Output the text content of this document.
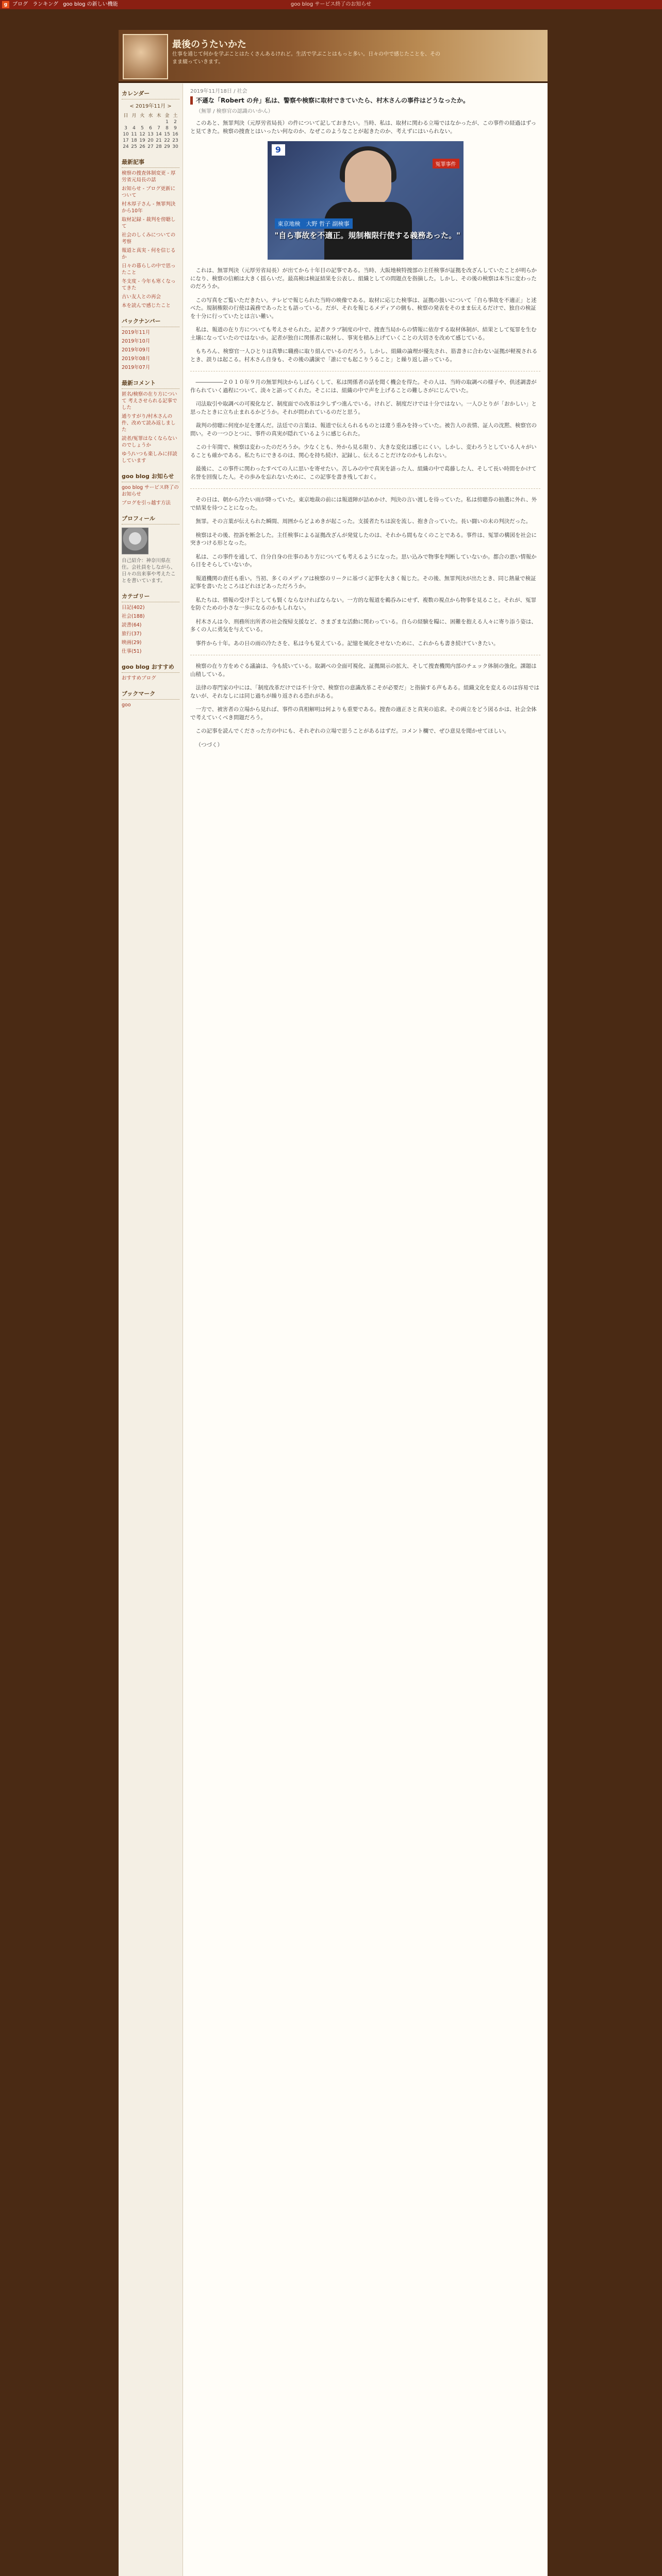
g ブログ ランキング goo blog の新しい機能	goo blog サービス終了のお知らせ
最後のうたいかた
仕事を通じて何かを学ぶことはたくさんあるけれど。生活で学ぶことはもっと多い。日々の中で感じたことを、そのまま綴っていきます。
カレンダー
< 2019年11月 >
日	月	火	水	木	金	土
					1	2
3	4	5	6	7	8	9
10	11	12	13	14	15	16
17	18	19	20	21	22	23
24	25	26	27	28	29	30
最新記事
検察の捜査体制変更 - 厚労省元局長の話
お知らせ - ブログ更新について
村木厚子さん - 無罪判決から10年
取材記録 - 裁判を傍聴して
社会のしくみについての考察
報道と真実 - 何を信じるか
日々の暮らしの中で思ったこと
冬支度 - 今年も寒くなってきた
古い友人との再会
本を読んで感じたこと
バックナンバー
2019年11月
2019年10月
2019年09月
2019年08月
2019年07月
最新コメント
匿名/検察の在り方について 考えさせられる記事でした
通りすがり/村木さんの件、改めて読み返しました
読者/冤罪はなくならないのでしょうか
ゆう/いつも楽しみに拝読しています
goo blog お知らせ
goo blog サービス終了のお知らせ
ブログを引っ越す方法
プロフィール
自己紹介：神奈川県在住。会社員をしながら、日々の出来事や考えたことを書いています。
カテゴリー
日記(402)
社会(188)
読書(64)
旅行(37)
映画(29)
仕事(51)
goo blog おすすめ
おすすめブログ
ブックマーク
goo
2019年11月18日 / 社会
不遜な「Robert の弁」私は、警察や検察に取材できていたら、村木さんの事件はどうなったか。
（無罪 / 検察官の認識のいかん）

このあと、無罪判決（元厚労省局長）の件について記しておきたい。当時、私は、取材に関わる立場ではなかったが、この事件の経過はずっと見てきた。検察の捜査とはいったい何なのか、なぜこのようなことが起きたのか、考えずにはいられない。

9
冤罪事件
東京地検　大野 哲子 副検事
"自ら事故を不適正。規制権限行使する義務あった。"

これは、無罪判決（元厚労省局長）が出てから十年目の記事である。当時、大阪地検特捜部の主任検事が証拠を改ざんしていたことが明らかになり、検察の信頼は大きく揺らいだ。最高検は検証結果を公表し、組織としての問題点を指摘した。しかし、その後の検察は本当に変わったのだろうか。

この写真をご覧いただきたい。テレビで報じられた当時の映像である。取材に応じた検事は、証拠の扱いについて「自ら事故を不適正」と述べた。規制権限の行使は義務であったとも語っている。だが、それを報じるメディアの側も、検察の発表をそのまま伝えるだけで、独自の検証を十分に行っていたとは言い難い。

私は、報道の在り方についても考えさせられた。記者クラブ制度の中で、捜査当局からの情報に依存する取材体制が、結果として冤罪を生む土壌になっていたのではないか。記者が独自に関係者に取材し、事実を積み上げていくことの大切さを改めて感じている。

もちろん、検察官一人ひとりは真摯に職務に取り組んでいるのだろう。しかし、組織の論理が優先され、筋書きに合わない証拠が軽視されるとき、誤りは起こる。村木さん自身も、その後の講演で「誰にでも起こりうること」と繰り返し語っている。

―――――２０１０年９月の無罪判決からしばらくして、私は関係者の話を聞く機会を得た。その人は、当時の取調べの様子や、供述調書が作られていく過程について、淡々と語ってくれた。そこには、組織の中で声を上げることの難しさがにじんでいた。

司法取引や取調べの可視化など、制度面での改革は少しずつ進んでいる。けれど、制度だけでは十分ではない。一人ひとりが「おかしい」と思ったときに立ち止まれるかどうか。それが問われているのだと思う。

裁判の傍聴に何度か足を運んだ。法廷での言葉は、報道で伝えられるものとは違う重みを持っていた。被告人の表情、証人の沈黙、検察官の問い。その一つひとつに、事件の真実が隠れているように感じられた。

この十年間で、検察は変わったのだろうか。少なくとも、外から見る限り、大きな変化は感じにくい。しかし、変わろうとしている人々がいることも確かである。私たちにできるのは、関心を持ち続け、記録し、伝えることだけなのかもしれない。

最後に、この事件に関わったすべての人に思いを寄せたい。苦しみの中で真実を語った人、組織の中で葛藤した人、そして長い時間をかけて名誉を回復した人。その歩みを忘れないために、この記事を書き残しておく。

その日は、朝から冷たい雨が降っていた。東京地裁の前には報道陣が詰めかけ、判決の言い渡しを待っていた。私は傍聴券の抽選に外れ、外で結果を待つことになった。

無罪。その言葉が伝えられた瞬間、周囲からどよめきが起こった。支援者たちは涙を流し、抱き合っていた。長い闘いの末の判決だった。

検察はその後、控訴を断念した。主任検事による証拠改ざんが発覚したのは、それから間もなくのことである。事件は、冤罪の構図を社会に突きつける形となった。

私は、この事件を通して、自分自身の仕事のあり方についても考えるようになった。思い込みで物事を判断していないか。都合の悪い情報から目をそらしていないか。

報道機関の責任も重い。当初、多くのメディアは検察のリークに基づく記事を大きく報じた。その後、無罪判決が出たとき、同じ熱量で検証記事を書いたところはどれほどあっただろうか。

私たちは、情報の受け手としても賢くならなければならない。一方的な報道を鵜呑みにせず、複数の視点から物事を見ること。それが、冤罪を防ぐための小さな一歩になるのかもしれない。

村木さんは今、刑務所出所者の社会復帰支援など、さまざまな活動に関わっている。自らの経験を糧に、困難を抱える人々に寄り添う姿は、多くの人に勇気を与えている。

事件から十年。あの日の雨の冷たさを、私は今も覚えている。記憶を風化させないために、これからも書き続けていきたい。

検察の在り方をめぐる議論は、今も続いている。取調べの全面可視化、証拠開示の拡大、そして捜査機関内部のチェック体制の強化。課題は山積している。

法律の専門家の中には、「制度改革だけでは不十分で、検察官の意識改革こそが必要だ」と指摘する声もある。組織文化を変えるのは容易ではないが、それなしには同じ過ちが繰り返される恐れがある。

一方で、被害者の立場から見れば、事件の真相解明は何よりも重要である。捜査の適正さと真実の追求。その両立をどう図るかは、社会全体で考えていくべき問題だろう。

この記事を読んでくださった方の中にも、それぞれの立場で思うことがあるはずだ。コメント欄で、ぜひ意見を聞かせてほしい。

（つづく）
